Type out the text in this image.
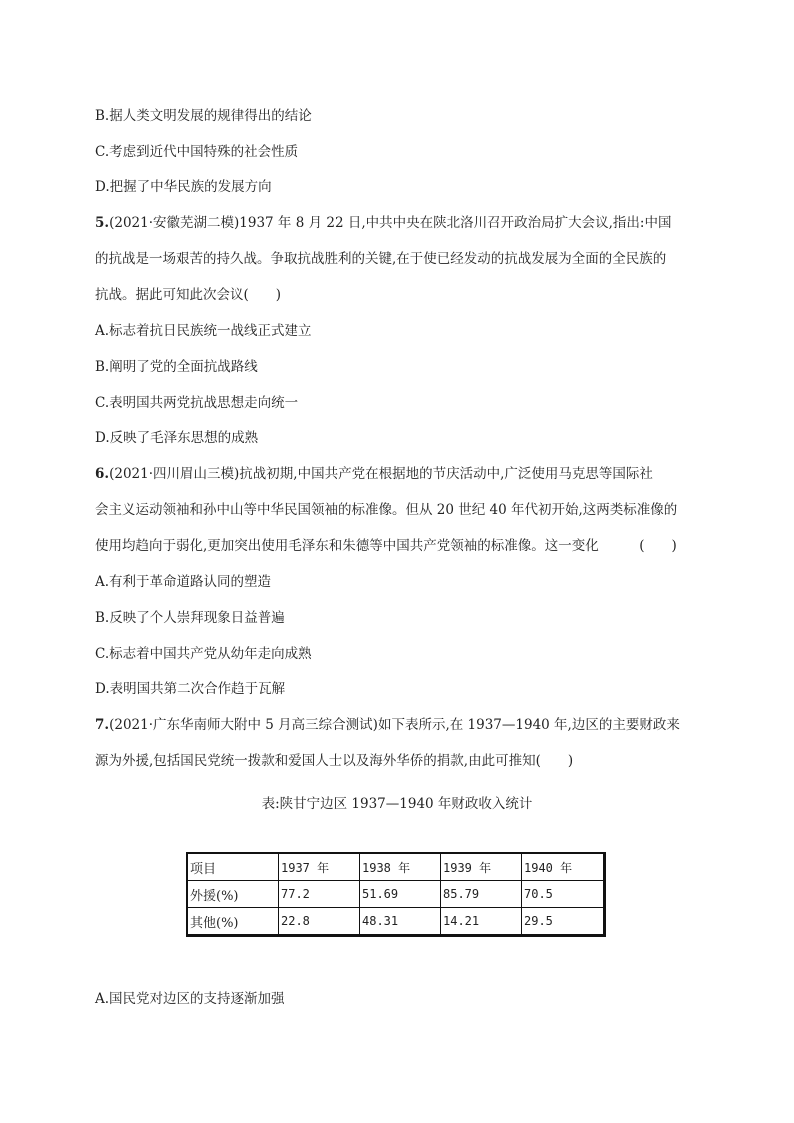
B.据人类文明发展的规律得出的结论
C.考虑到近代中国特殊的社会性质
D.把握了中华民族的发展方向
5.(2021·安徽芜湖二模)1937 年 8 月 22 日,中共中央在陕北洛川召开政治局扩大会议,指出:中国
的抗战是一场艰苦的持久战。争取抗战胜利的关键,在于使已经发动的抗战发展为全面的全民族的
抗战。据此可知此次会议(　　)
A.标志着抗日民族统一战线正式建立
B.阐明了党的全面抗战路线
C.表明国共两党抗战思想走向统一
D.反映了毛泽东思想的成熟
6.(2021·四川眉山三模)抗战初期,中国共产党在根据地的节庆活动中,广泛使用马克思等国际社
会主义运动领袖和孙中山等中华民国领袖的标准像。但从 20 世纪 40 年代初开始,这两类标准像的
使用均趋向于弱化,更加突出使用毛泽东和朱德等中国共产党领袖的标准像。这一变化　　　(　　)
A.有利于革命道路认同的塑造
B.反映了个人崇拜现象日益普遍
C.标志着中国共产党从幼年走向成熟
D.表明国共第二次合作趋于瓦解
7.(2021·广东华南师大附中 5 月高三综合测试)如下表所示,在 1937—1940 年,边区的主要财政来
源为外援,包括国民党统一拨款和爱国人士以及海外华侨的捐款,由此可推知(　　)
表:陕甘宁边区 1937—1940 年财政收入统计
项目	1937 年	1938 年	1939 年	1940 年
外援(%)	77.2	51.69	85.79	70.5
其他(%)	22.8	48.31	14.21	29.5
A.国民党对边区的支持逐渐加强
